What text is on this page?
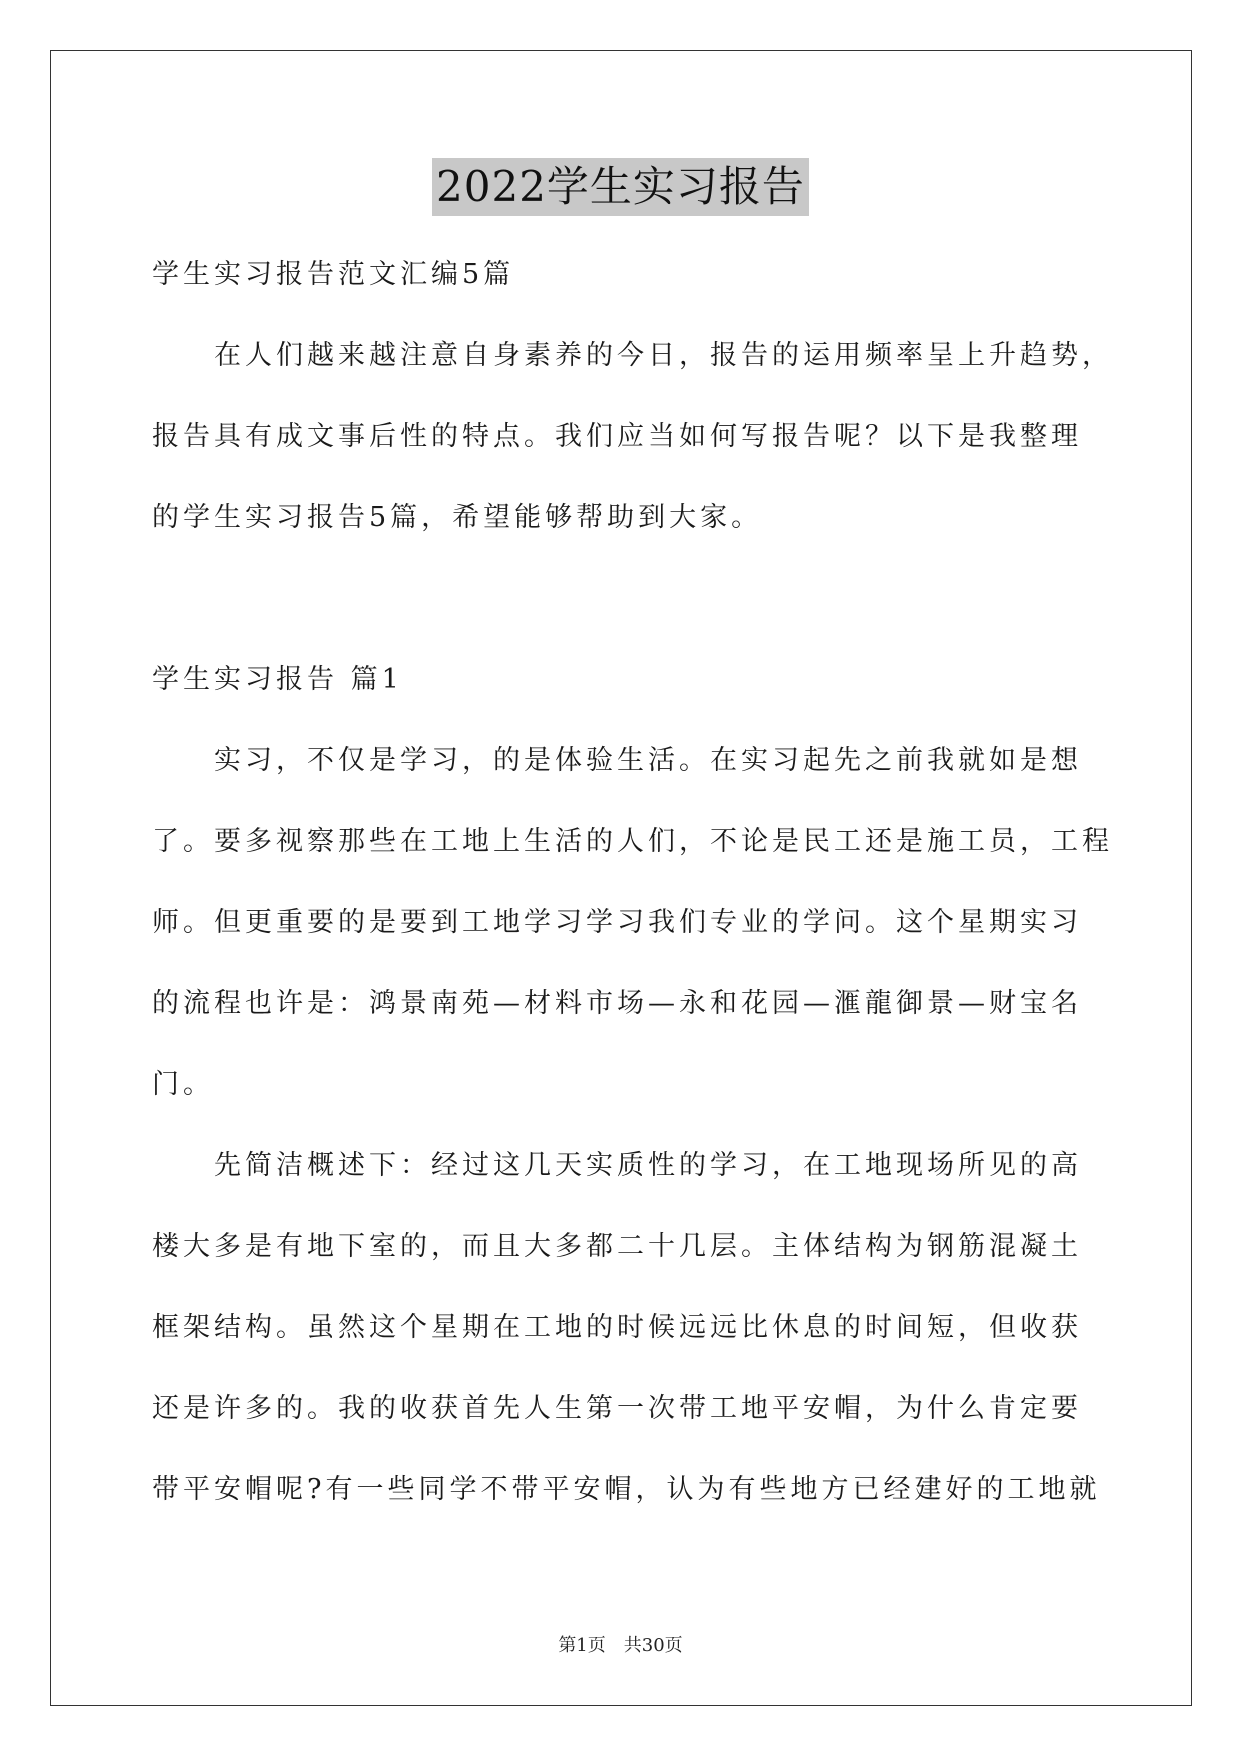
2022学生实习报告
学生实习报告范文汇编5篇
在人们越来越注意自身素养的今日，报告的运用频率呈上升趋势，
报告具有成文事后性的特点。我们应当如何写报告呢？以下是我整理
的学生实习报告5篇，希望能够帮助到大家。
学生实习报告 篇1
实习，不仅是学习，的是体验生活。在实习起先之前我就如是想
了。要多视察那些在工地上生活的人们，不论是民工还是施工员，工程
师。但更重要的是要到工地学习学习我们专业的学问。这个星期实习
的流程也许是：鸿景南苑—材料市场—永和花园—滙龍御景—财宝名
门。
先简洁概述下：经过这几天实质性的学习，在工地现场所见的高
楼大多是有地下室的，而且大多都二十几层。主体结构为钢筋混凝土
框架结构。虽然这个星期在工地的时候远远比休息的时间短，但收获
还是许多的。我的收获首先人生第一次带工地平安帽，为什么肯定要
带平安帽呢?有一些同学不带平安帽，认为有些地方已经建好的工地就
第1页　共30页
